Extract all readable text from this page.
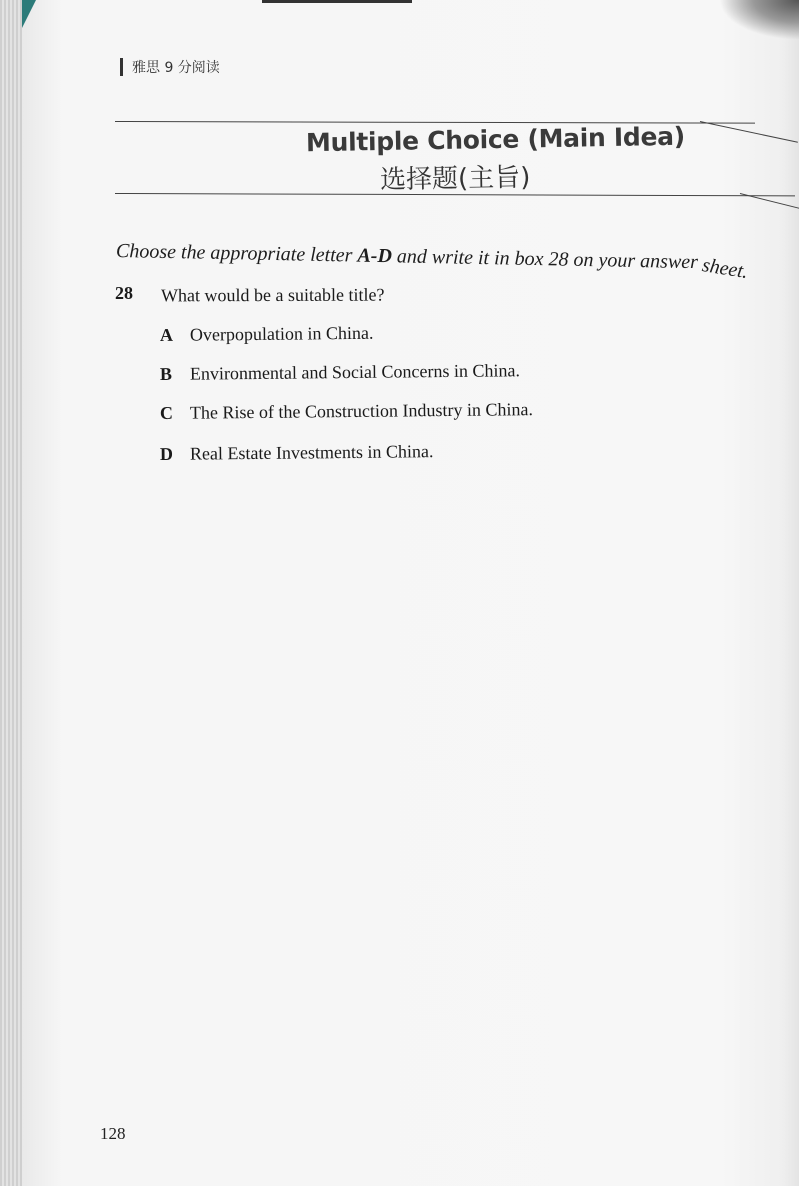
雅思 9 分阅读
Multiple Choice (Main Idea)
选择题(主旨)
Choose the appropriate letter A-D and write it in box 28 on your answer sheet.
28 What would be a suitable title?
A Overpopulation in China.
B Environmental and Social Concerns in China.
C The Rise of the Construction Industry in China.
D Real Estate Investments in China.
128
